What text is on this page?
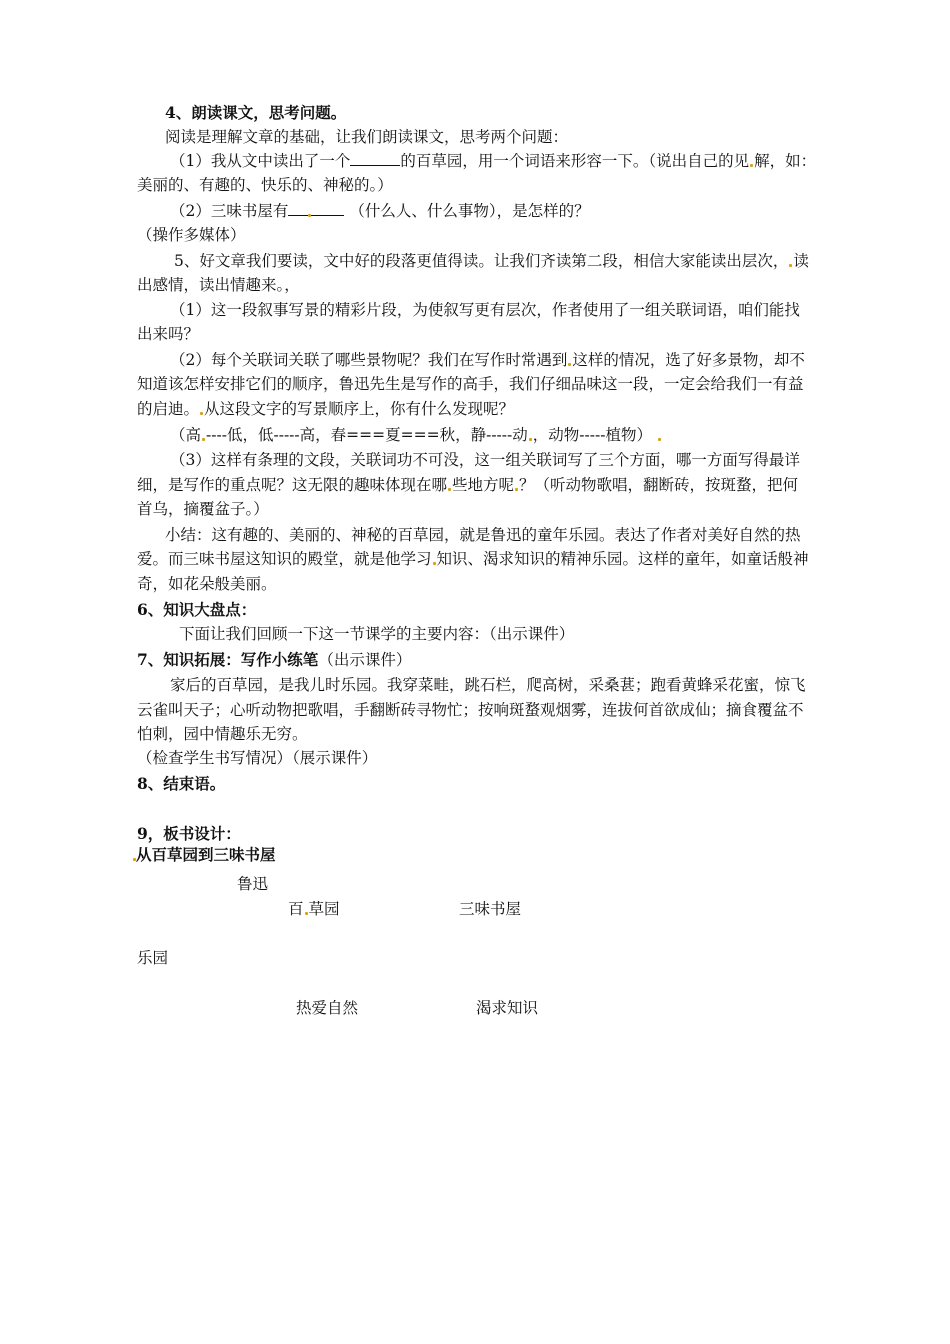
4、朗读课文，思考问题。
阅读是理解文章的基础，让我们朗读课文，思考两个问题：
（1）我从文中读出了一个	的百草园，用一个词语来形容一下。（说出自己的见 解，如：
美丽的、有趣的、快乐的、神秘的。）
（2）三味书屋有	（什么人、什么事物），是怎样的？
（操作多媒体）
5、好文章我们要读，文中好的段落更值得读。让我们齐读第二段，相信大家能读出层次， 读
出感情，读出情趣来。，
（1）这一段叙事写景的精彩片段，为使叙写更有层次，作者使用了一组关联词语，咱们能找
出来吗？
（2）每个关联词关联了哪些景物呢？我们在写作时常遇到 这样的情况，选了好多景物，却不
知道该怎样安排它们的顺序，鲁迅先生是写作的高手，我们仔细品味这一段，一定会给我们一有益
的启迪。 从这段文字的写景顺序上，你有什么发现呢？
（高 ----低，低-----高，春===夏===秋，静-----动 ，动物-----植物）
（3）这样有条理的文段，关联词功不可没，这一组关联词写了三个方面，哪一方面写得最详
细，是写作的重点呢？这无限的趣味体现在哪 些地方呢 ？（听动物歌唱，翻断砖，按斑蝥，把何
首乌，摘覆盆子。）
小结：这有趣的、美丽的、神秘的百草园，就是鲁迅的童年乐园。表达了作者对美好自然的热
爱。而三味书屋这知识的殿堂，就是他学习 知识、渴求知识的精神乐园。这样的童年，如童话般神
奇，如花朵般美丽。
6、知识大盘点：
下面让我们回顾一下这一节课学的主要内容：（出示课件）
7、知识拓展：写作小练笔（出示课件）
家后的百草园，是我儿时乐园。我穿菜畦，跳石栏，爬高树，采桑葚；跑看黄蜂采花蜜，惊飞
云雀叫天子；心听动物把歌唱，手翻断砖寻物忙；按响斑蝥观烟雾，连拔何首欲成仙；摘食覆盆不
怕刺，园中情趣乐无穷。
（检查学生书写情况）（展示课件）
8、结束语。
9，板书设计：
从百草园到三味书屋
鲁迅
百 草园	三味书屋
乐园
热爱自然	渴求知识
